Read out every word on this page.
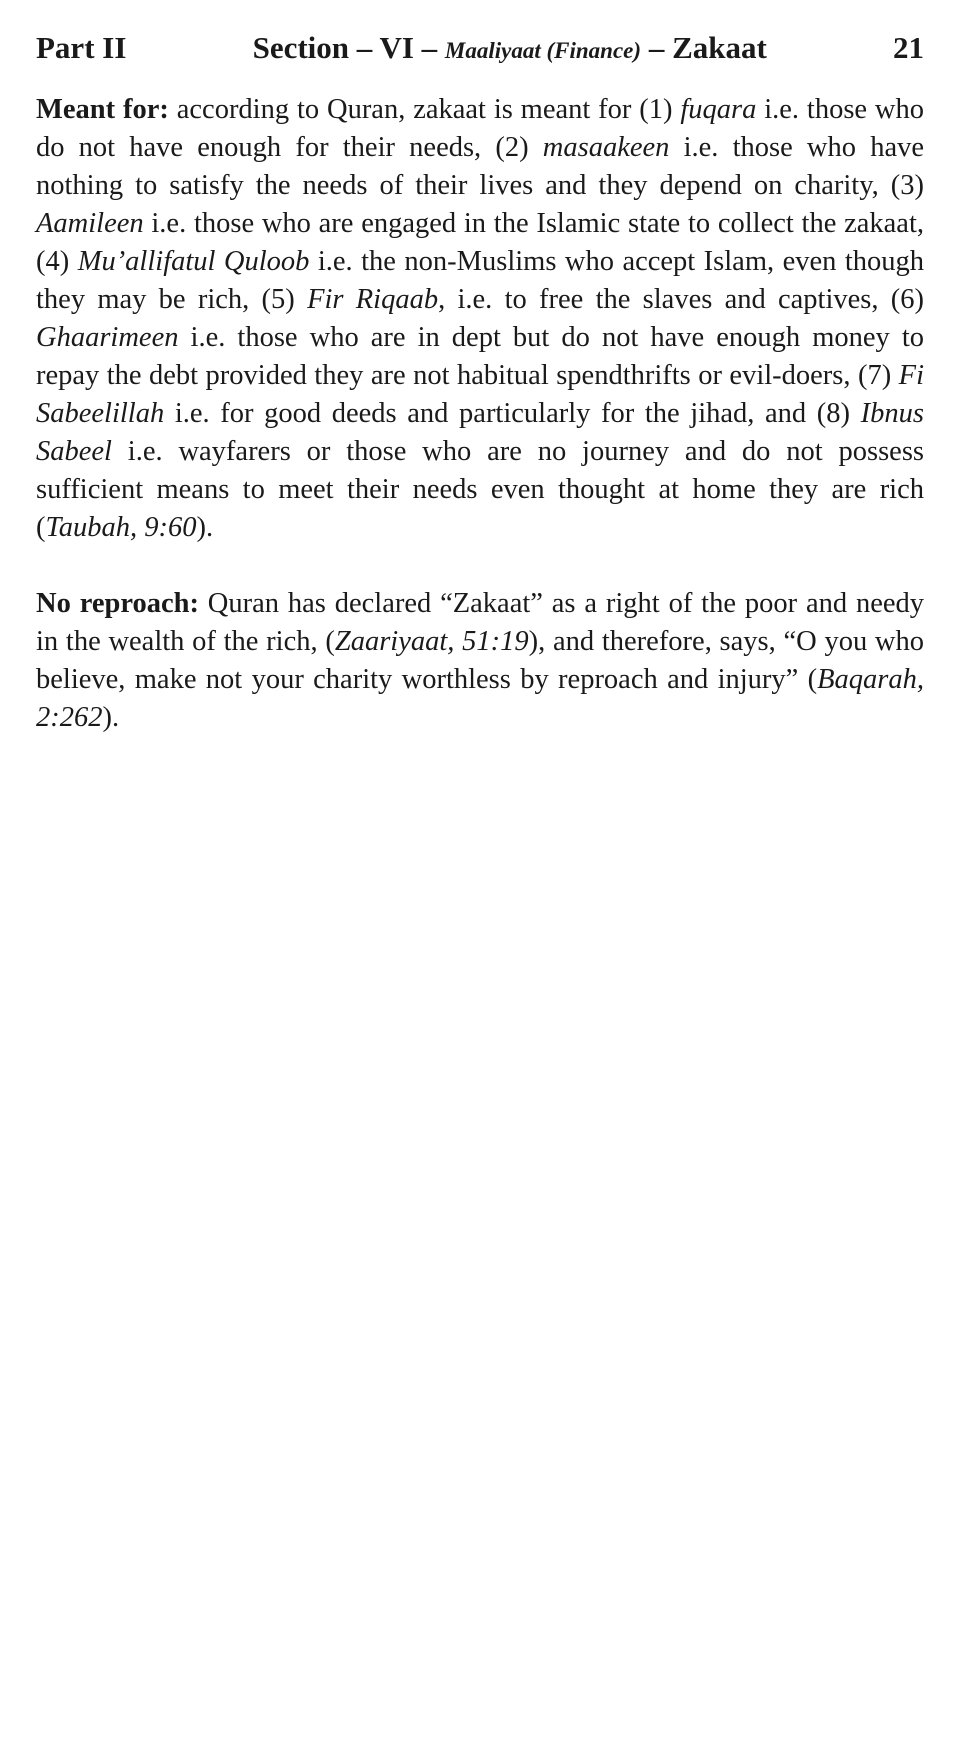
Part II	Section – VI – Maaliyaat (Finance) – Zakaat	21

Meant for: according to Quran, zakaat is meant for (1) fuqara i.e. those who do not have enough for their needs, (2) masaakeen i.e. those who have nothing to satisfy the needs of their lives and they depend on charity, (3) Aamileen i.e. those who are engaged in the Islamic state to collect the zakaat, (4) Mu’allifatul Quloob i.e. the non-Muslims who accept Islam, even though they may be rich, (5) Fir Riqaab, i.e. to free the slaves and captives, (6) Ghaarimeen i.e. those who are in dept but do not have enough money to repay the debt provided they are not habitual spendthrifts or evil-doers, (7) Fi Sabeelillah i.e. for good deeds and particularly for the jihad, and (8) Ibnus Sabeel i.e. wayfarers or those who are no journey and do not possess sufficient means to meet their needs even thought at home they are rich (Taubah, 9:60).

No reproach: Quran has declared “Zakaat” as a right of the poor and needy in the wealth of the rich, (Zaariyaat, 51:19), and therefore, says, “O you who believe, make not your charity worthless by reproach and injury” (Baqarah, 2:262).
